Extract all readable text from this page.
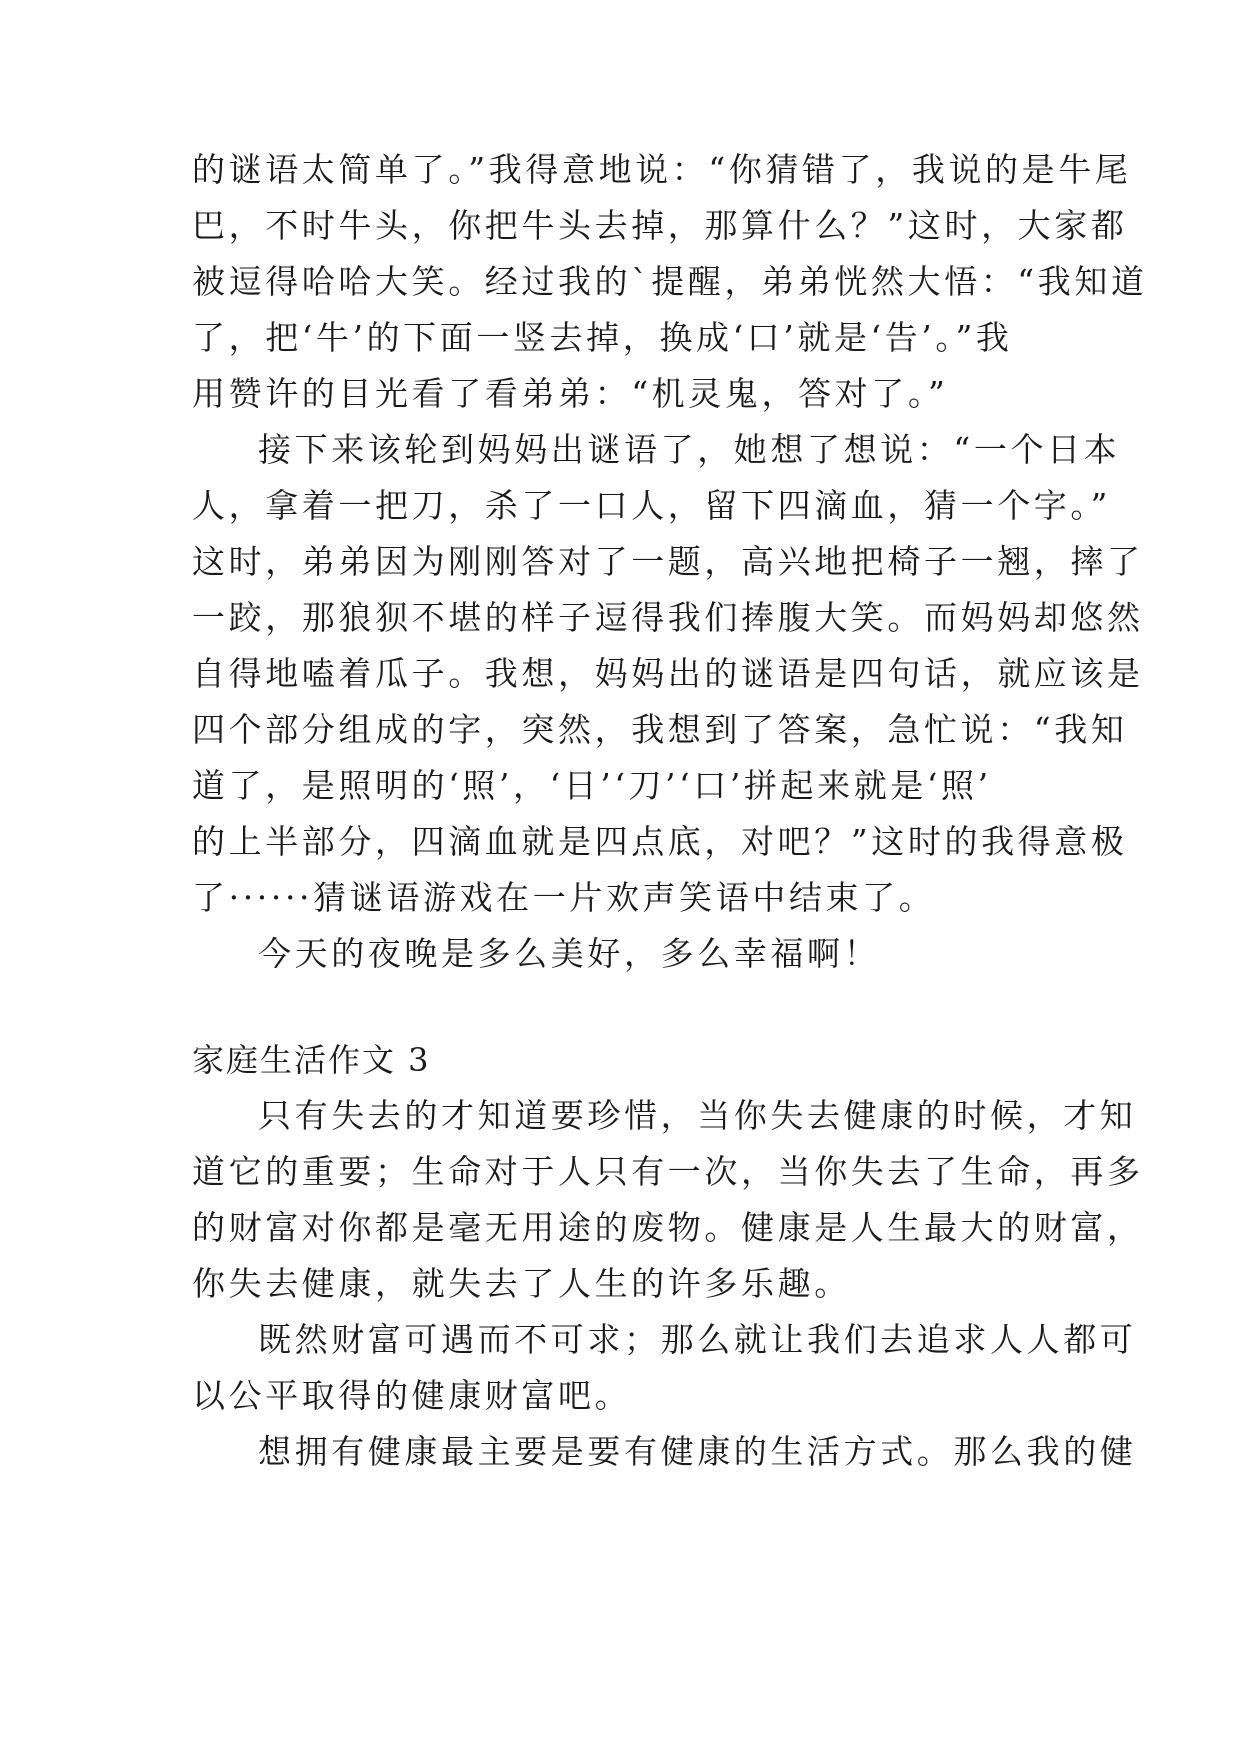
的谜语太简单了。”我得意地说：“你猜错了，我说的是牛尾
巴，不时牛头，你把牛头去掉，那算什么？”这时，大家都
被逗得哈哈大笑。经过我的`提醒，弟弟恍然大悟：“我知道
了，把‘牛’的下面一竖去掉，换成‘口’就是‘告’。”我
用赞许的目光看了看弟弟：“机灵鬼，答对了。”
接下来该轮到妈妈出谜语了，她想了想说：“一个日本
人，拿着一把刀，杀了一口人，留下四滴血，猜一个字。”
这时，弟弟因为刚刚答对了一题，高兴地把椅子一翘，摔了
一跤，那狼狈不堪的样子逗得我们捧腹大笑。而妈妈却悠然
自得地嗑着瓜子。我想，妈妈出的谜语是四句话，就应该是
四个部分组成的字，突然，我想到了答案，急忙说：“我知
道了，是照明的‘照’，‘日’‘刀’‘口’拼起来就是‘照’
的上半部分，四滴血就是四点底，对吧？”这时的我得意极
了······猜谜语游戏在一片欢声笑语中结束了。
今天的夜晚是多么美好，多么幸福啊！
家庭生活作文 3
只有失去的才知道要珍惜，当你失去健康的时候，才知
道它的重要；生命对于人只有一次，当你失去了生命，再多
的财富对你都是毫无用途的废物。健康是人生最大的财富，
你失去健康，就失去了人生的许多乐趣。
既然财富可遇而不可求；那么就让我们去追求人人都可
以公平取得的健康财富吧。
想拥有健康最主要是要有健康的生活方式。那么我的健
